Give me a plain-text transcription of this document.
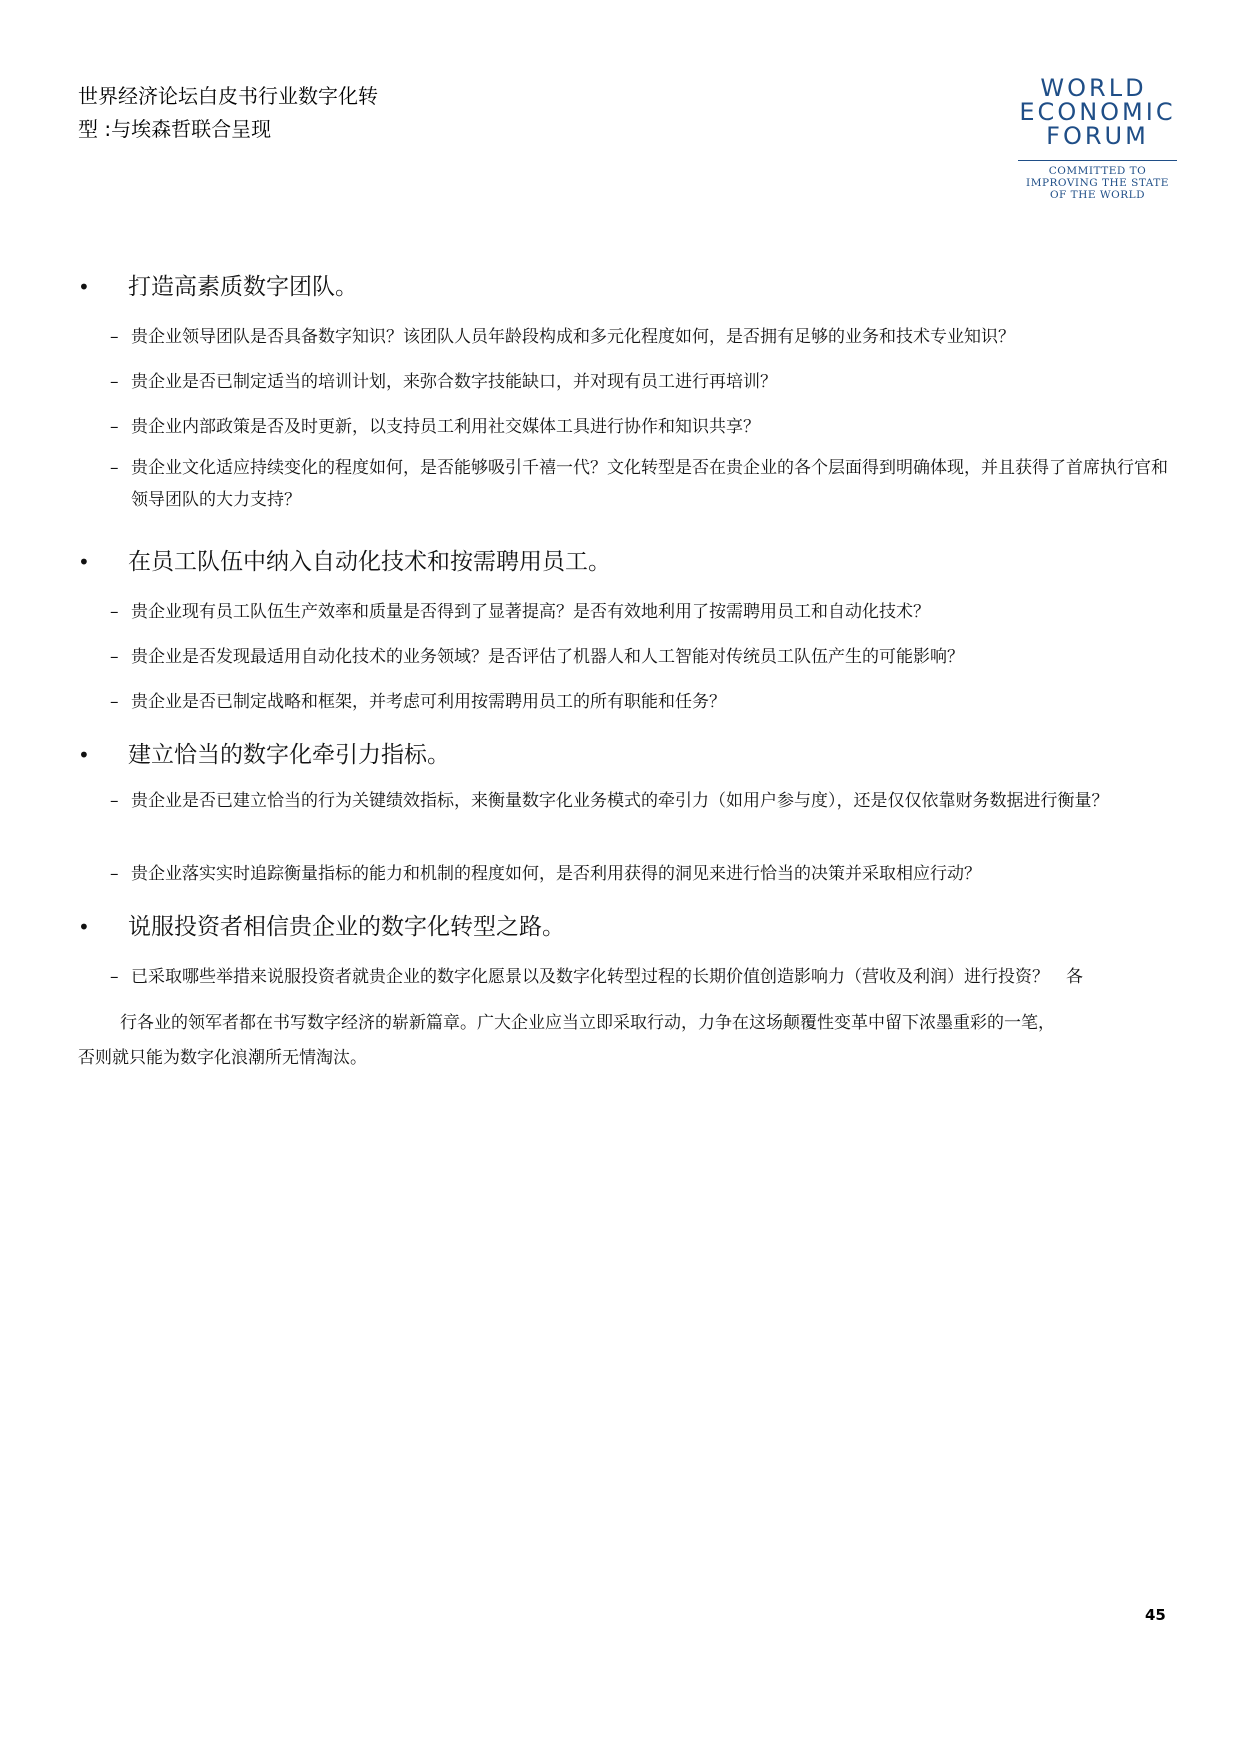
世界经济论坛白皮书行业数字化转
型 :与埃森哲联合呈现
WORLD
ECONOMIC
FORUM
COMMITTED TO
IMPROVING THE STATE
OF THE WORLD
• 打造高素质数字团队。
– 贵企业领导团队是否具备数字知识？该团队人员年龄段构成和多元化程度如何，是否拥有足够的业务和技术专业知识？
– 贵企业是否已制定适当的培训计划，来弥合数字技能缺口，并对现有员工进行再培训？
– 贵企业内部政策是否及时更新，以支持员工利用社交媒体工具进行协作和知识共享？
– 贵企业文化适应持续变化的程度如何，是否能够吸引千禧一代？文化转型是否在贵企业的各个层面得到明确体现，并且获得了首席执行官和领导团队的大力支持？
• 在员工队伍中纳入自动化技术和按需聘用员工。
– 贵企业现有员工队伍生产效率和质量是否得到了显著提高？是否有效地利用了按需聘用员工和自动化技术？
– 贵企业是否发现最适用自动化技术的业务领域？是否评估了机器人和人工智能对传统员工队伍产生的可能影响？
– 贵企业是否已制定战略和框架，并考虑可利用按需聘用员工的所有职能和任务？
• 建立恰当的数字化牵引力指标。
– 贵企业是否已建立恰当的行为关键绩效指标，来衡量数字化业务模式的牵引力（如用户参与度），还是仅仅依靠财务数据进行衡量？
– 贵企业落实实时追踪衡量指标的能力和机制的程度如何，是否利用获得的洞见来进行恰当的决策并采取相应行动？
• 说服投资者相信贵企业的数字化转型之路。
– 已采取哪些举措来说服投资者就贵企业的数字化愿景以及数字化转型过程的长期价值创造影响力（营收及利润）进行投资？　各
行各业的领军者都在书写数字经济的崭新篇章。广大企业应当立即采取行动，力争在这场颠覆性变革中留下浓墨重彩的一笔，
否则就只能为数字化浪潮所无情淘汰。
45
